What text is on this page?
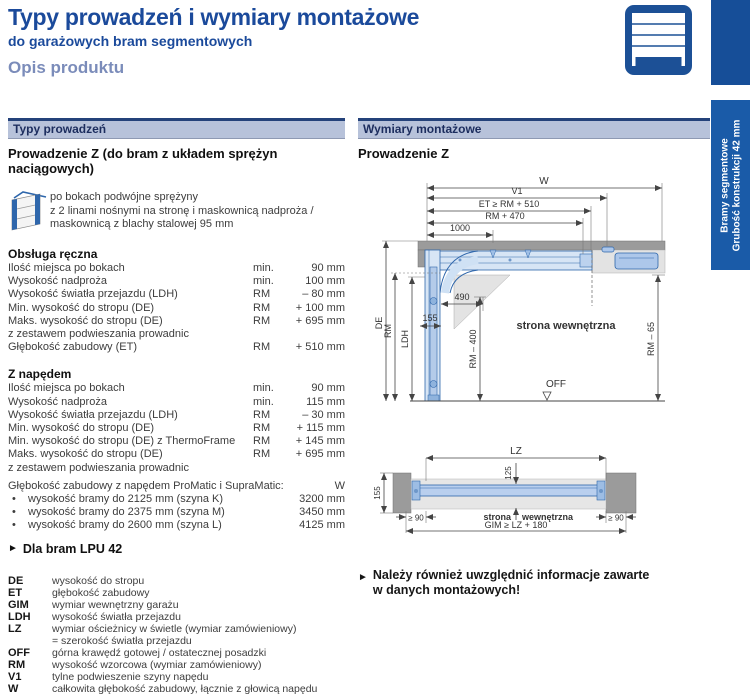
Typy prowadzeń i wymiary montażowe
do garażowych bram segmentowych
Opis produktu
Bramy segmentowe Grubość konstrukcji 42 mm
Typy prowadzeń
Prowadzenie Z (do bram z układem sprężyn naciągowych)
po bokach podwójne sprężyny
z 2 linami nośnymi na stronę i maskownicą nadproża /
maskownicą z blachy stalowej 95 mm
Obsługa ręczna
Ilość miejsca po bokach	min.	90 mm
Wysokość nadproża	min.	100 mm
Wysokość światła przejazdu (LDH)	RM	– 80 mm
Min. wysokość do stropu (DE)	RM	+ 100 mm
Maks. wysokość do stropu (DE)	RM	+ 695 mm
z zestawem podwieszania prowadnic
Głębokość zabudowy (ET)	RM	+ 510 mm
Z napędem
Ilość miejsca po bokach	min.	90 mm
Wysokość nadproża	min.	115 mm
Wysokość światła przejazdu (LDH)	RM	– 30 mm
Min. wysokość do stropu (DE)	RM	+ 115 mm
Min. wysokość do stropu (DE) z ThermoFrame	RM	+ 145 mm
Maks. wysokość do stropu (DE)	RM	+ 695 mm
z zestawem podwieszania prowadnic
Głębokość zabudowy z napędem ProMatic i SupraMatic:	W
•	wysokość bramy do 2125 mm (szyna K)	3200 mm
•	wysokość bramy do 2375 mm (szyna M)	3450 mm
•	wysokość bramy do 2600 mm (szyna L)	4125 mm
► Dla bram LPU 42
DE	wysokość do stropu
ET	głębokość zabudowy
GIM	wymiar wewnętrzny garażu
LDH	wysokość światła przejazdu
LZ	wymiar ościeżnicy w świetle (wymiar zamówieniowy)
= szerokość światła przejazdu
OFF	górna krawędź gotowej / ostatecznej posadzki
RM	wysokość wzorcowa (wymiar zamówieniowy)
V1	tylne podwieszenie szyny napędu
W	całkowita głębokość zabudowy, łącznie z głowicą napędu
Wymiary montażowe
Prowadzenie Z
W
V1
ET ≥ RM + 510
RM + 470
1000
490
155
DE
RM LDH	RM – 400	RM – 65
OFF
strona wewnętrzna
LZ
125
155
≥ 90	≥ 90
GIM ≥ LZ + 180
strona wewnętrzna
► Należy również uwzględnić informacje zawarte
w danych montażowych!
